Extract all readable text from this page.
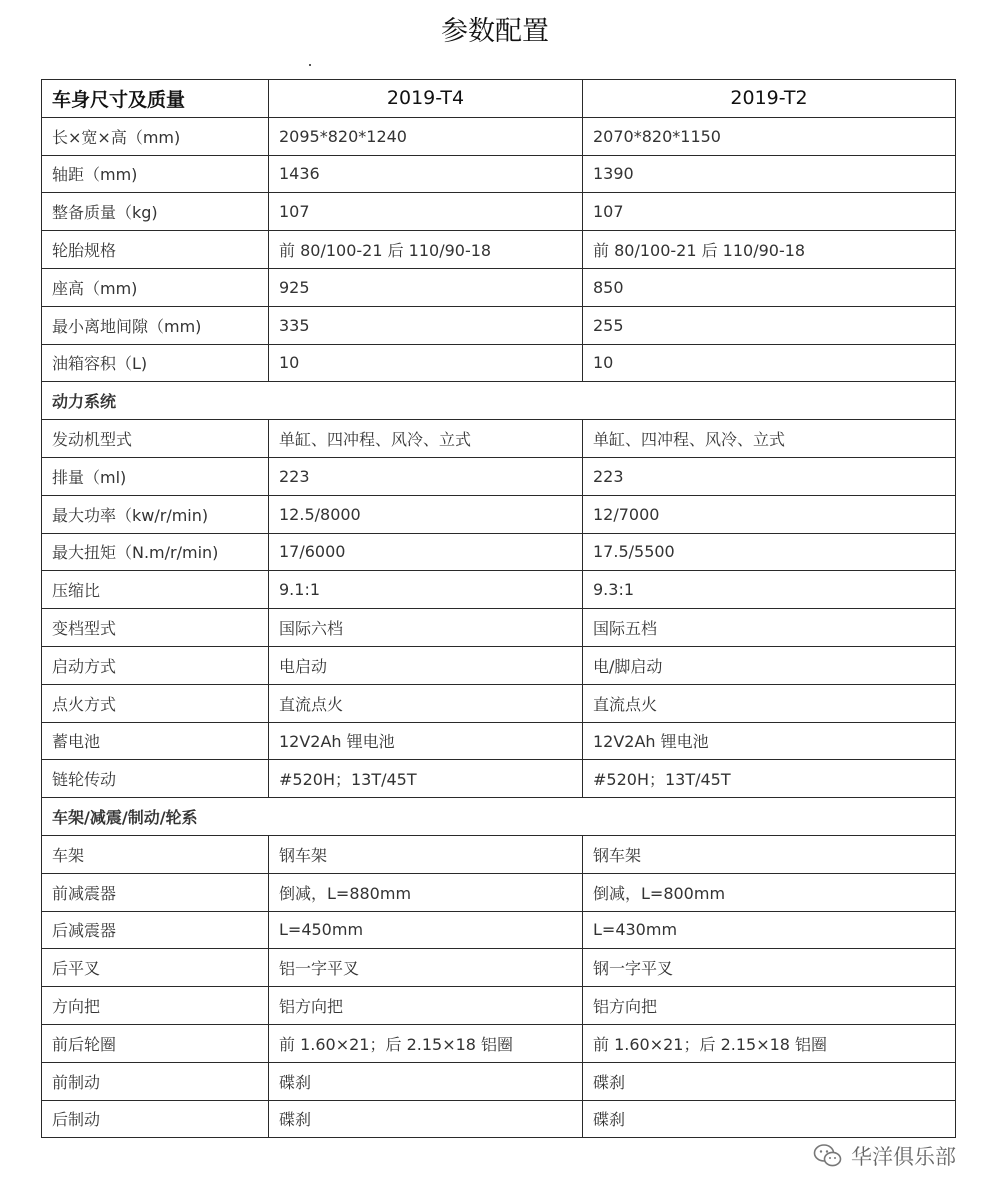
参数配置
车身尺寸及质量	2019-T4	2019-T2
长×宽×高（mm)	2095*820*1240	2070*820*1150
轴距（mm)	1436	1390
整备质量（kg)	107	107
轮胎规格	前 80/100-21 后 110/90-18	前 80/100-21 后 110/90-18
座高（mm)	925	850
最小离地间隙（mm)	335	255
油箱容积（L)	10	10
动力系统		
发动机型式	单缸、四冲程、风冷、立式	单缸、四冲程、风冷、立式
排量（ml)	223	223
最大功率（kw/r/min)	12.5/8000	12/7000
最大扭矩（N.m/r/min)	17/6000	17.5/5500
压缩比	9.1:1	9.3:1
变档型式	国际六档	国际五档
启动方式	电启动	电/脚启动
点火方式	直流点火	直流点火
蓄电池	12V2Ah 锂电池	12V2Ah 锂电池
链轮传动	#520H；13T/45T	#520H；13T/45T
车架/减震/制动/轮系		
车架	钢车架	钢车架
前减震器	倒减，L=880mm	倒减，L=800mm
后减震器	L=450mm	L=430mm
后平叉	铝一字平叉	钢一字平叉
方向把	铝方向把	铝方向把
前后轮圈	前 1.60×21；后 2.15×18 铝圈	前 1.60×21；后 2.15×18 铝圈
前制动	碟刹	碟刹
后制动	碟刹	碟刹
华洋俱乐部
